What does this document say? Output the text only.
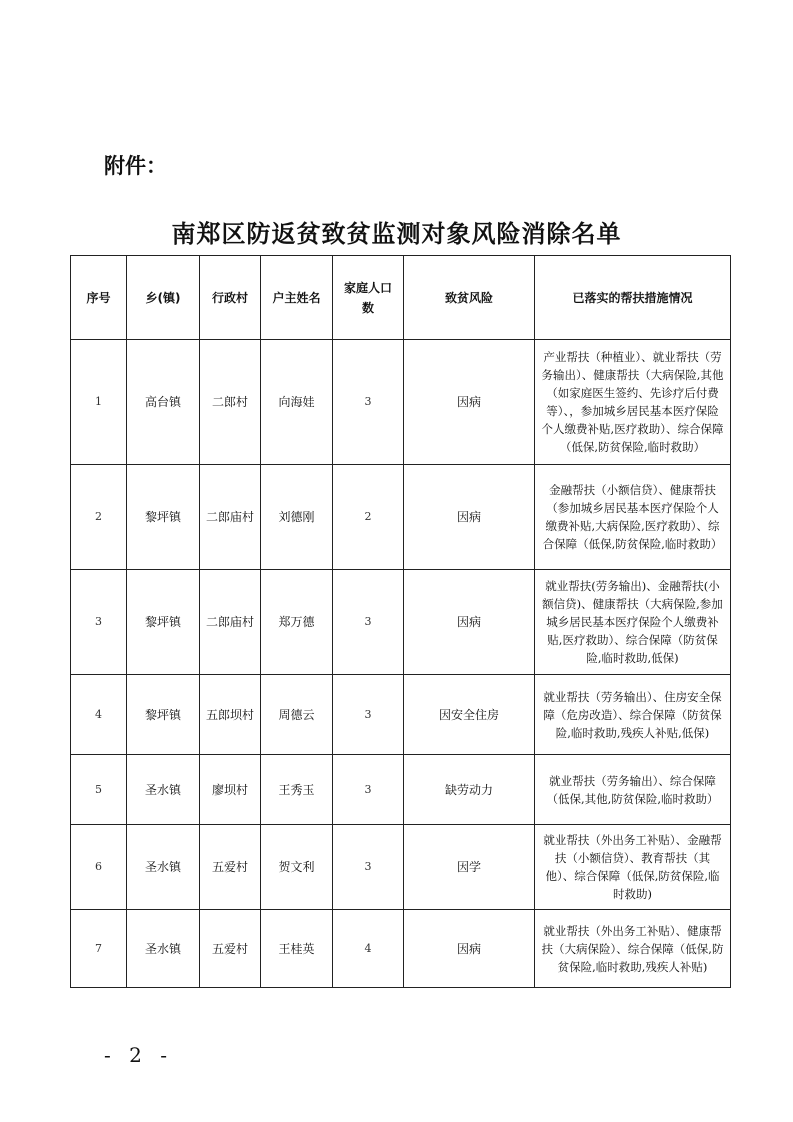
附件：
南郑区防返贫致贫监测对象风险消除名单
序号	乡(镇)	行政村	户主姓名	家庭人口数	致贫风险	已落实的帮扶措施情况
1	高台镇	二郎村	向海娃	3	因病	产业帮扶（种植业）、就业帮扶（劳务输出）、健康帮扶（大病保险,其他（如家庭医生签约、先诊疗后付费等）、，参加城乡居民基本医疗保险个人缴费补贴,医疗救助）、综合保障（低保,防贫保险,临时救助）
2	黎坪镇	二郎庙村	刘德刚	2	因病	金融帮扶（小额信贷）、健康帮扶（参加城乡居民基本医疗保险个人缴费补贴,大病保险,医疗救助）、综合保障（低保,防贫保险,临时救助）
3	黎坪镇	二郎庙村	郑万德	3	因病	就业帮扶(劳务输出)、金融帮扶(小额信贷)、健康帮扶（大病保险,参加城乡居民基本医疗保险个人缴费补贴,医疗救助）、综合保障（防贫保险,临时救助,低保)
4	黎坪镇	五郎坝村	周德云	3	因安全住房	就业帮扶（劳务输出）、住房安全保障（危房改造）、综合保障（防贫保险,临时救助,残疾人补贴,低保)
5	圣水镇	廖坝村	王秀玉	3	缺劳动力	就业帮扶（劳务输出）、综合保障（低保,其他,防贫保险,临时救助）
6	圣水镇	五爱村	贺文利	3	因学	就业帮扶（外出务工补贴）、金融帮扶（小额信贷）、教育帮扶（其他）、综合保障（低保,防贫保险,临时救助)
7	圣水镇	五爱村	王桂英	4	因病	就业帮扶（外出务工补贴）、健康帮扶（大病保险）、综合保障（低保,防贫保险,临时救助,残疾人补贴)
- 2 -
